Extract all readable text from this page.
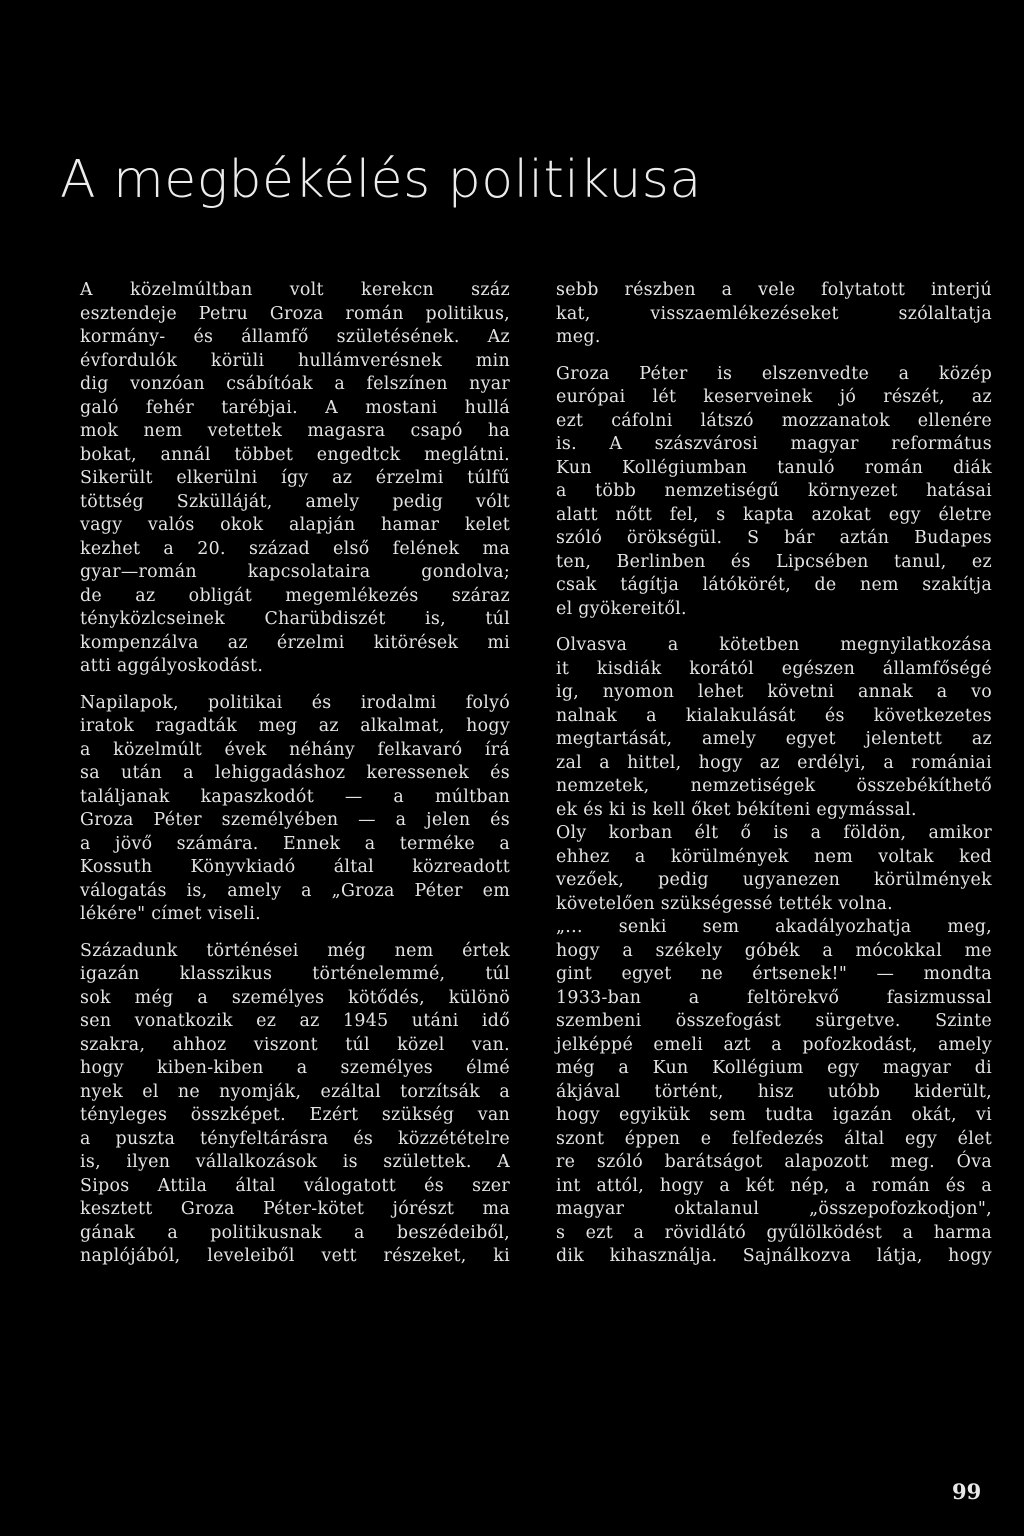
A megbékélés politikusa

A közelmúltban volt kerekcn száz
esztendeje Petru Groza román politikus,
kormány- és államfő születésének. Az
évfordulók körüli hullámverésnek min
dig vonzóan csábítóak a felszínen nyar
galó fehér tarébjai. A mostani hullá
mok nem vetettek magasra csapó ha
bokat, annál többet engedtck meglátni.
Sikerült elkerülni így az érzelmi túlfű
töttség Szkülláját, amely pedig vólt
vagy valós okok alapján hamar kelet
kezhet a 20. század első felének ma
gyar—román kapcsolataira gondolva;
de az obligát megemlékezés száraz
tényközlcseinek Charübdiszét is, túl
kompenzálva az érzelmi kitörések mi
atti aggályoskodást.

Napilapok, politikai és irodalmi folyó
iratok ragadták meg az alkalmat, hogy
a közelmúlt évek néhány felkavaró írá
sa után a lehiggadáshoz keressenek és
találjanak kapaszkodót — a múltban
Groza Péter személyében — a jelen és
a jövő számára. Ennek a terméke a
Kossuth Könyvkiadó által közreadott
válogatás is, amely a „Groza Péter em
lékére" címet viseli.

Századunk történései még nem értek
igazán klasszikus történelemmé, túl
sok még a személyes kötődés, különö
sen vonatkozik ez az 1945 utáni idő
szakra, ahhoz viszont túl közel van.
hogy kiben-kiben a személyes élmé
nyek el ne nyomják, ezáltal torzítsák a
tényleges összképet. Ezért szükség van
a puszta tényfeltárásra és közzétételre
is, ilyen vállalkozások is születtek. A
Sipos Attila által válogatott és szer
kesztett Groza Péter-kötet jórészt ma
gának a politikusnak a beszédeiből,
naplójából, leveleiből vett részeket, ki

sebb részben a vele folytatott interjú
kat, visszaemlékezéseket szólaltatja
meg.

Groza Péter is elszenvedte a közép
európai lét keserveinek jó részét, az
ezt cáfolni látszó mozzanatok ellenére
is. A szászvárosi magyar református
Kun Kollégiumban tanuló román diák
a több nemzetiségű környezet hatásai
alatt nőtt fel, s kapta azokat egy életre
szóló örökségül. S bár aztán Budapes
ten, Berlinben és Lipcsében tanul, ez
csak tágítja látókörét, de nem szakítja
el gyökereitől.

Olvasva a kötetben megnyilatkozása
it kisdiák korától egészen államfőségé
ig, nyomon lehet követni annak a vo
nalnak a kialakulását és következetes
megtartását, amely egyet jelentett az
zal a hittel, hogy az erdélyi, a romániai
nemzetek, nemzetiségek összebékíthető
ek és ki is kell őket békíteni egymással.
Oly korban élt ő is a földön, amikor
ehhez a körülmények nem voltak ked
vezőek, pedig ugyanezen körülmények
követelően szükségessé tették volna.
„... senki sem akadályozhatja meg,
hogy a székely góbék a mócokkal me
gint egyet ne értsenek!" — mondta
1933-ban a feltörekvő fasizmussal
szembeni összefogást sürgetve. Szinte
jelképpé emeli azt a pofozkodást, amely
még a Kun Kollégium egy magyar di
ákjával történt, hisz utóbb kiderült,
hogy egyikük sem tudta igazán okát, vi
szont éppen e felfedezés által egy élet
re szóló barátságot alapozott meg. Óva
int attól, hogy a két nép, a román és a
magyar oktalanul „összepofozkodjon",
s ezt a rövidlátó gyűlölködést a harma
dik kihasználja. Sajnálkozva látja, hogy

99
